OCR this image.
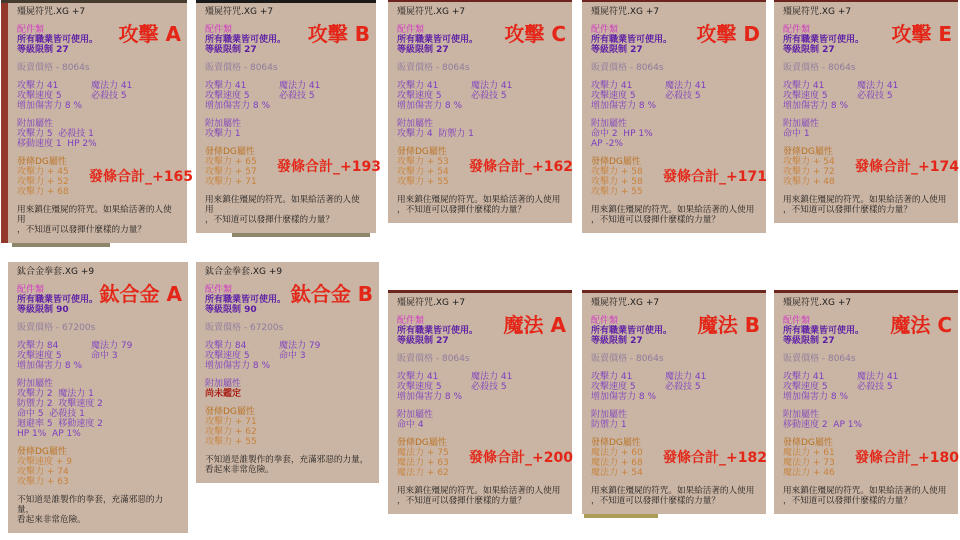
殭屍符咒.XG +7
配件類
所有職業皆可使用。
等級限制 27
販賣價格 - 8064s
攻擊力 41	魔法力 41
攻擊速度 5	必殺技 5
增加傷害力 8 %
附加屬性
攻擊力 5  必殺技 1
移動速度 1  HP 2%
發條DG屬性
攻擊力 + 45
攻擊力 + 52
攻擊力 + 68
發條合計_+165
用來鎮住殭屍的符咒。如果給活著的人使用
，不知道可以發揮什麼樣的力量？
攻擊 A
殭屍符咒.XG +7
配件類
所有職業皆可使用。
等級限制 27
販賣價格 - 8064s
攻擊力 41	魔法力 41
攻擊速度 5	必殺技 5
增加傷害力 8 %
附加屬性
攻擊力 1
發條DG屬性
攻擊力 + 65
攻擊力 + 57
攻擊力 + 71
發條合計_+193
用來鎮住殭屍的符咒。如果給活著的人使用
，不知道可以發揮什麼樣的力量？
攻擊 B
殭屍符咒.XG +7
配件類
所有職業皆可使用。
等級限制 27
販賣價格 - 8064s
攻擊力 41	魔法力 41
攻擊速度 5	必殺技 5
增加傷害力 8 %
附加屬性
攻擊力 4  防禦力 1
發條DG屬性
攻擊力 + 53
攻擊力 + 54
攻擊力 + 55
發條合計_+162
用來鎮住殭屍的符咒。如果給活著的人使用
，不知道可以發揮什麼樣的力量？
攻擊 C
殭屍符咒.XG +7
配件類
所有職業皆可使用。
等級限制 27
販賣價格 - 8064s
攻擊力 41	魔法力 41
攻擊速度 5	必殺技 5
增加傷害力 8 %
附加屬性
命中 2  HP 1%
AP -2%
發條DG屬性
攻擊力 + 58
攻擊力 + 58
攻擊力 + 55
發條合計_+171
用來鎮住殭屍的符咒。如果給活著的人使用
，不知道可以發揮什麼樣的力量？
攻擊 D
殭屍符咒.XG +7
配件類
所有職業皆可使用。
等級限制 27
販賣價格 - 8064s
攻擊力 41	魔法力 41
攻擊速度 5	必殺技 5
增加傷害力 8 %
附加屬性
命中 1
發條DG屬性
攻擊力 + 54
攻擊力 + 72
攻擊力 + 48
發條合計_+174
用來鎮住殭屍的符咒。如果給活著的人使用
，不知道可以發揮什麼樣的力量？
攻擊 E
鈦合金拳套.XG +9
配件類
所有職業皆可使用。
等級限制 90
販賣價格 - 67200s
攻擊力 84	魔法力 79
攻擊速度 5	命中 3
增加傷害力 8 %
附加屬性
攻擊力 2  魔法力 1
防禦力 2  攻擊速度 2
命中 5  必殺技 1
迴避率 5  移動速度 2
HP 1%  AP 1%
發條DG屬性
攻擊速度 + 9
攻擊力 + 74
攻擊力 + 63
不知道是誰製作的拳套，充滿邪惡的力量，
看起來非常危險。
鈦合金 A
鈦合金拳套.XG +9
配件類
所有職業皆可使用。
等級限制 90
販賣價格 - 67200s
攻擊力 84	魔法力 79
攻擊速度 5	命中 3
增加傷害力 8 %
附加屬性
尚未鑑定
發條DG屬性
攻擊力 + 71
攻擊力 + 62
攻擊力 + 55
不知道是誰製作的拳套，充滿邪惡的力量，
看起來非常危險。
鈦合金 B	殭屍符咒.XG +7
配件類
所有職業皆可使用。
等級限制 27
販賣價格 - 8064s
攻擊力 41	魔法力 41
攻擊速度 5	必殺技 5
增加傷害力 8 %
附加屬性
命中 4
發條DG屬性
魔法力 + 75
魔法力 + 63
魔法力 + 62
發條合計_+200
用來鎮住殭屍的符咒。如果給活著的人使用
，不知道可以發揮什麼樣的力量？
魔法 A
殭屍符咒.XG +7
配件類
所有職業皆可使用。
等級限制 27
販賣價格 - 8064s
攻擊力 41	魔法力 41
攻擊速度 5	必殺技 5
增加傷害力 8 %
附加屬性
防禦力 1
發條DG屬性
魔法力 + 60
魔法力 + 68
魔法力 + 54
發條合計_+182
用來鎮住殭屍的符咒。如果給活著的人使用
，不知道可以發揮什麼樣的力量？
魔法 B
殭屍符咒.XG +7
配件類
所有職業皆可使用。
等級限制 27
販賣價格 - 8064s
攻擊力 41	魔法力 41
攻擊速度 5	必殺技 5
增加傷害力 8 %
附加屬性
移動速度 2  AP 1%
發條DG屬性
魔法力 + 61
魔法力 + 73
魔法力 + 46
發條合計_+180
用來鎮住殭屍的符咒。如果給活著的人使用
，不知道可以發揮什麼樣的力量？
魔法 C
